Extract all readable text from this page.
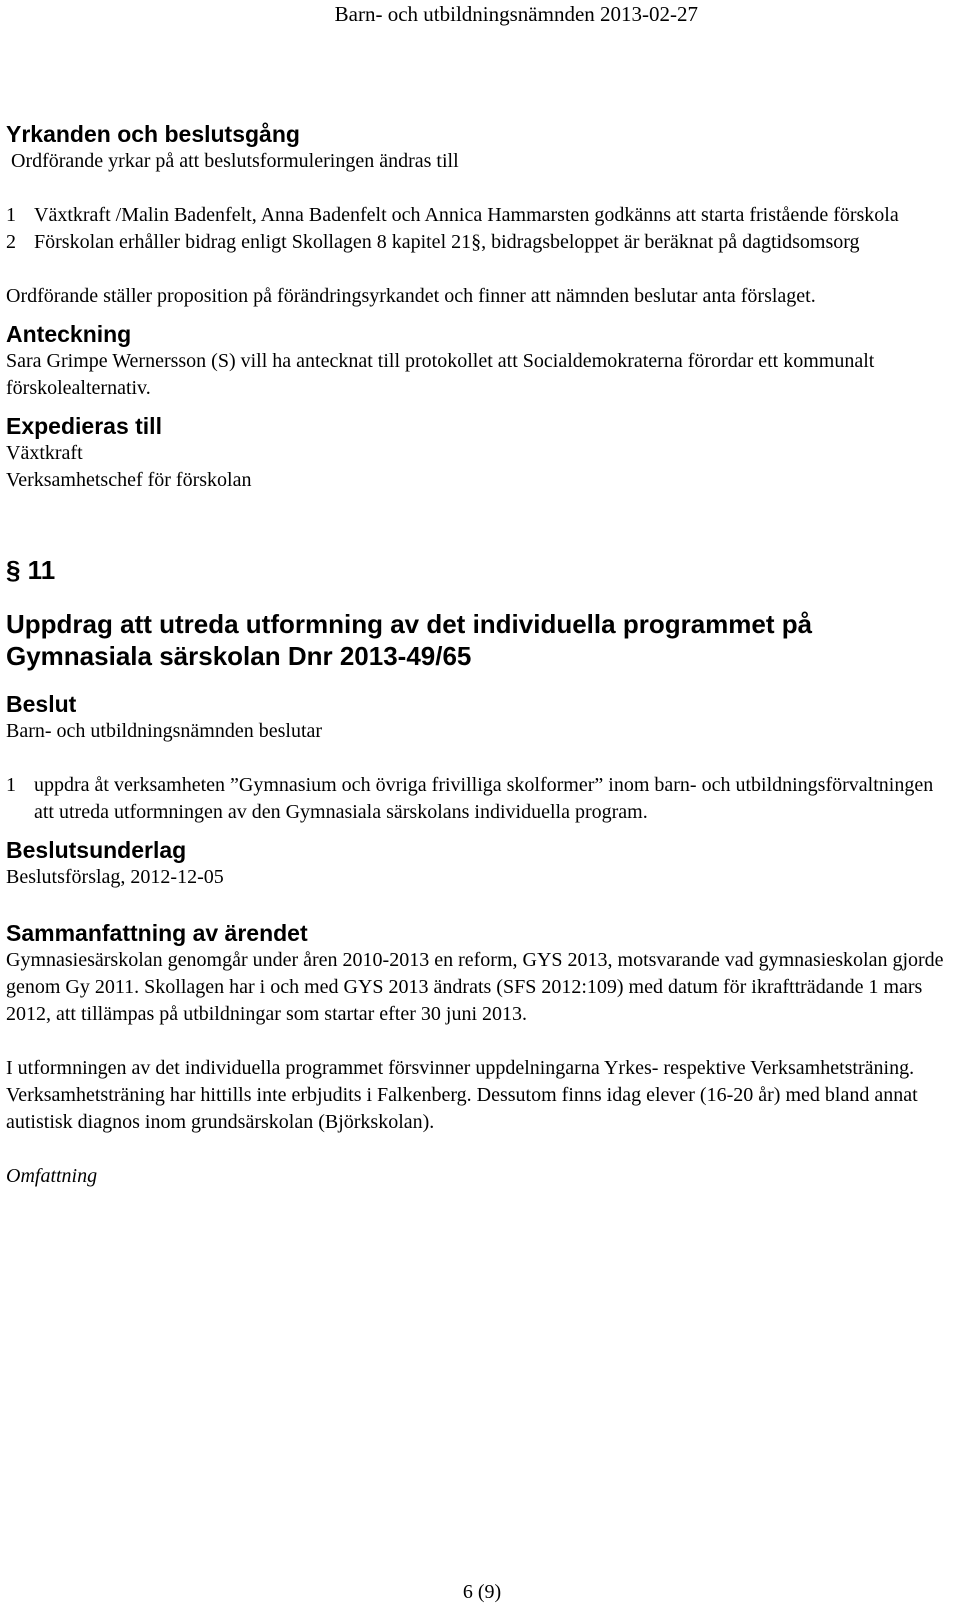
Barn- och utbildningsnämnden 2013-02-27

Yrkanden och beslutsgång

Ordförande yrkar på att beslutsformuleringen ändras till

1 Växtkraft /Malin Badenfelt, Anna Badenfelt och Annica Hammarsten godkänns att starta fristående förskola
2 Förskolan erhåller bidrag enligt Skollagen 8 kapitel 21§, bidragsbeloppet är beräknat på dagtidsomsorg

Ordförande ställer proposition på förändringsyrkandet och finner att nämnden beslutar anta förslaget.

Anteckning

Sara Grimpe Wernersson (S) vill ha antecknat till protokollet att Socialdemokraterna förordar ett kommunalt förskolealternativ.

Expedieras till

Växtkraft

Verksamhetschef för förskolan

§ 11

Uppdrag att utreda utformning av det individuella programmet på Gymnasiala särskolan Dnr 2013-49/65

Beslut

Barn- och utbildningsnämnden beslutar

1 uppdra åt verksamheten ”Gymnasium och övriga frivilliga skolformer” inom barn- och utbildningsförvaltningen att utreda utformningen av den Gymnasiala särskolans individuella program.

Beslutsunderlag

Beslutsförslag, 2012-12-05

Sammanfattning av ärendet

Gymnasiesärskolan genomgår under åren 2010-2013 en reform, GYS 2013, motsvarande vad gymnasieskolan gjorde genom Gy 2011. Skollagen har i och med GYS 2013 ändrats (SFS 2012:109) med datum för ikraftträdande 1 mars 2012, att tillämpas på utbildningar som startar efter 30 juni 2013.

I utformningen av det individuella programmet försvinner uppdelningarna Yrkes- respektive Verksamhetsträning. Verksamhetsträning har hittills inte erbjudits i Falkenberg. Dessutom finns idag elever (16-20 år) med bland annat autistisk diagnos inom grundsärskolan (Björkskolan).

Omfattning

6 (9)
